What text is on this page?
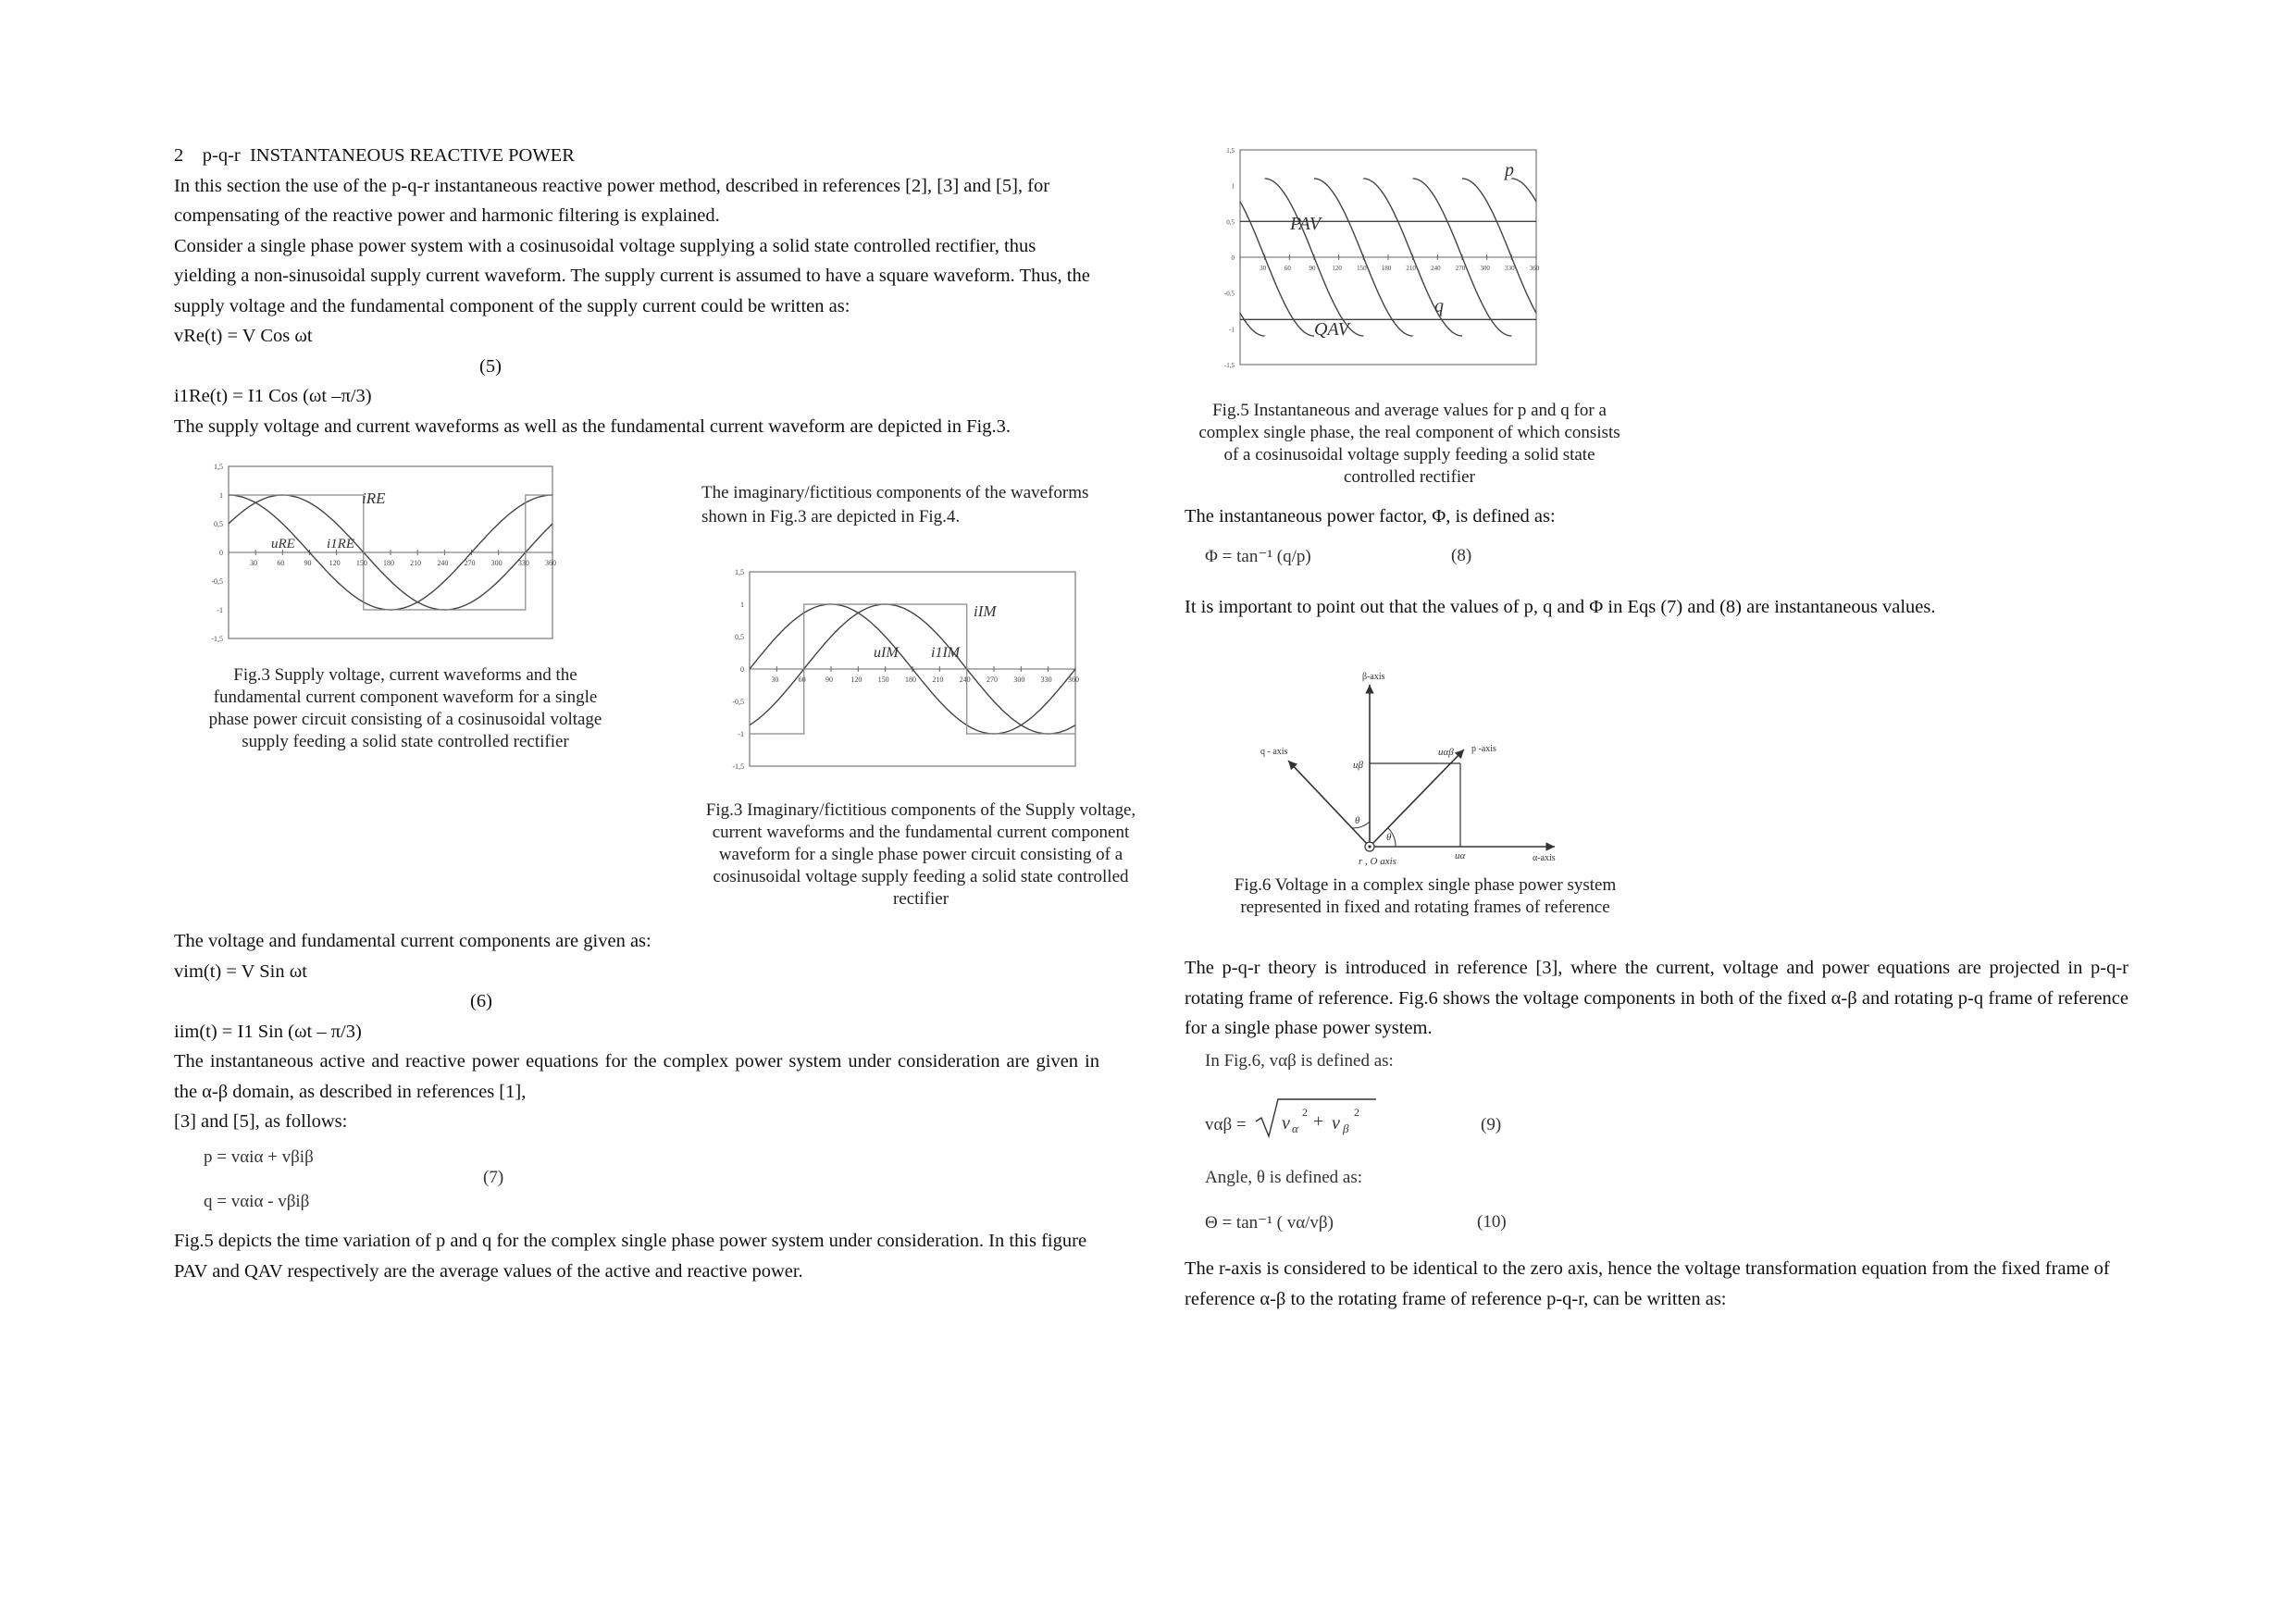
2    p-q-r  INSTANTANEOUS REACTIVE POWER

In this section the use of the p-q-r instantaneous reactive power method, described in references [2], [3] and [5], for compensating of the reactive power and harmonic filtering is explained.

Consider a single phase power system with a cosinusoidal voltage supplying a solid state controlled rectifier, thus yielding a non-sinusoidal supply current waveform. The supply current is assumed to have a square waveform. Thus, the supply voltage and the fundamental component of the supply current could be written as:

vRe(t) = V Cos ωt

(5)

i1Re(t) = I1 Cos (ωt –π/3)

The supply voltage and current waveforms as well as the fundamental current waveform are depicted in Fig.3.

1,5
1
0,5
0
-0,5
-1
-1,5
30	60	90 120 150 180 210 240 270 300 330 360
iRE
uRE i1RE
Fig.3 Supply voltage, current waveforms and the fundamental current component waveform for a single phase power circuit consisting of a cosinusoidal voltage supply feeding a solid state controlled rectifier
The imaginary/fictitious components of the waveforms shown in Fig.3 are depicted in Fig.4.
1,5
1
0,5
0
-0,5
-1
-1,5
30	60	90 120 150 180 210 240 270 300 330 360
iIM
uIM i1IM
Fig.3 Imaginary/fictitious components of the Supply voltage, current waveforms and the fundamental current component waveform for a single phase power circuit consisting of a cosinusoidal voltage supply feeding a solid state controlled rectifier

The voltage and fundamental current components are given as:

vim(t) = V Sin ωt

(6)

iim(t) = I1 Sin (ωt – π/3)

The instantaneous active and reactive power equations for the complex power system under consideration are given in the α-β domain, as described in references [1],

[3] and [5], as follows:

p = vαiα + vβiβ
(7)
q = vαiα - vβiβ

Fig.5 depicts the time variation of p and q for the complex single phase power system under consideration. In this figure PAV and QAV respectively are the average values of the active and reactive power.

1,5
1
0,5
0
-0,5
-1
-1,5
30	60	90	120 150 180 210 240 270 300 330 360
p
PAV
q
QAV
Fig.5 Instantaneous and average values for p and q for a complex single phase, the real component of which consists of a cosinusoidal voltage supply feeding a solid state controlled rectifier

The instantaneous power factor, Φ, is defined as:

Φ = tan⁻¹ (q/p)	(8)

It is important to point out that the values of p, q and Φ in Eqs (7) and (8) are instantaneous values.

β-axis
α-axis
q - axis	p -axis
r , O axis
uβ
uα
uαβ
θ
θ
Fig.6 Voltage in a complex single phase power system represented in fixed and rotating frames of reference

The p-q-r theory is introduced in reference [3], where the current, voltage and power equations are projected in p-q-r rotating frame of reference. Fig.6 shows the voltage components in both of the fixed α-β and rotating p-q frame of reference for a single phase power system.

In Fig.6, vαβ is defined as:
vαβ = v α
2 + v β
2
(9)
Angle, θ is defined as:
Θ = tan⁻¹ ( vα/vβ)	(10)

The r-axis is considered to be identical to the zero axis, hence the voltage transformation equation from the fixed frame of reference α-β to the rotating frame of reference p-q-r, can be written as:
